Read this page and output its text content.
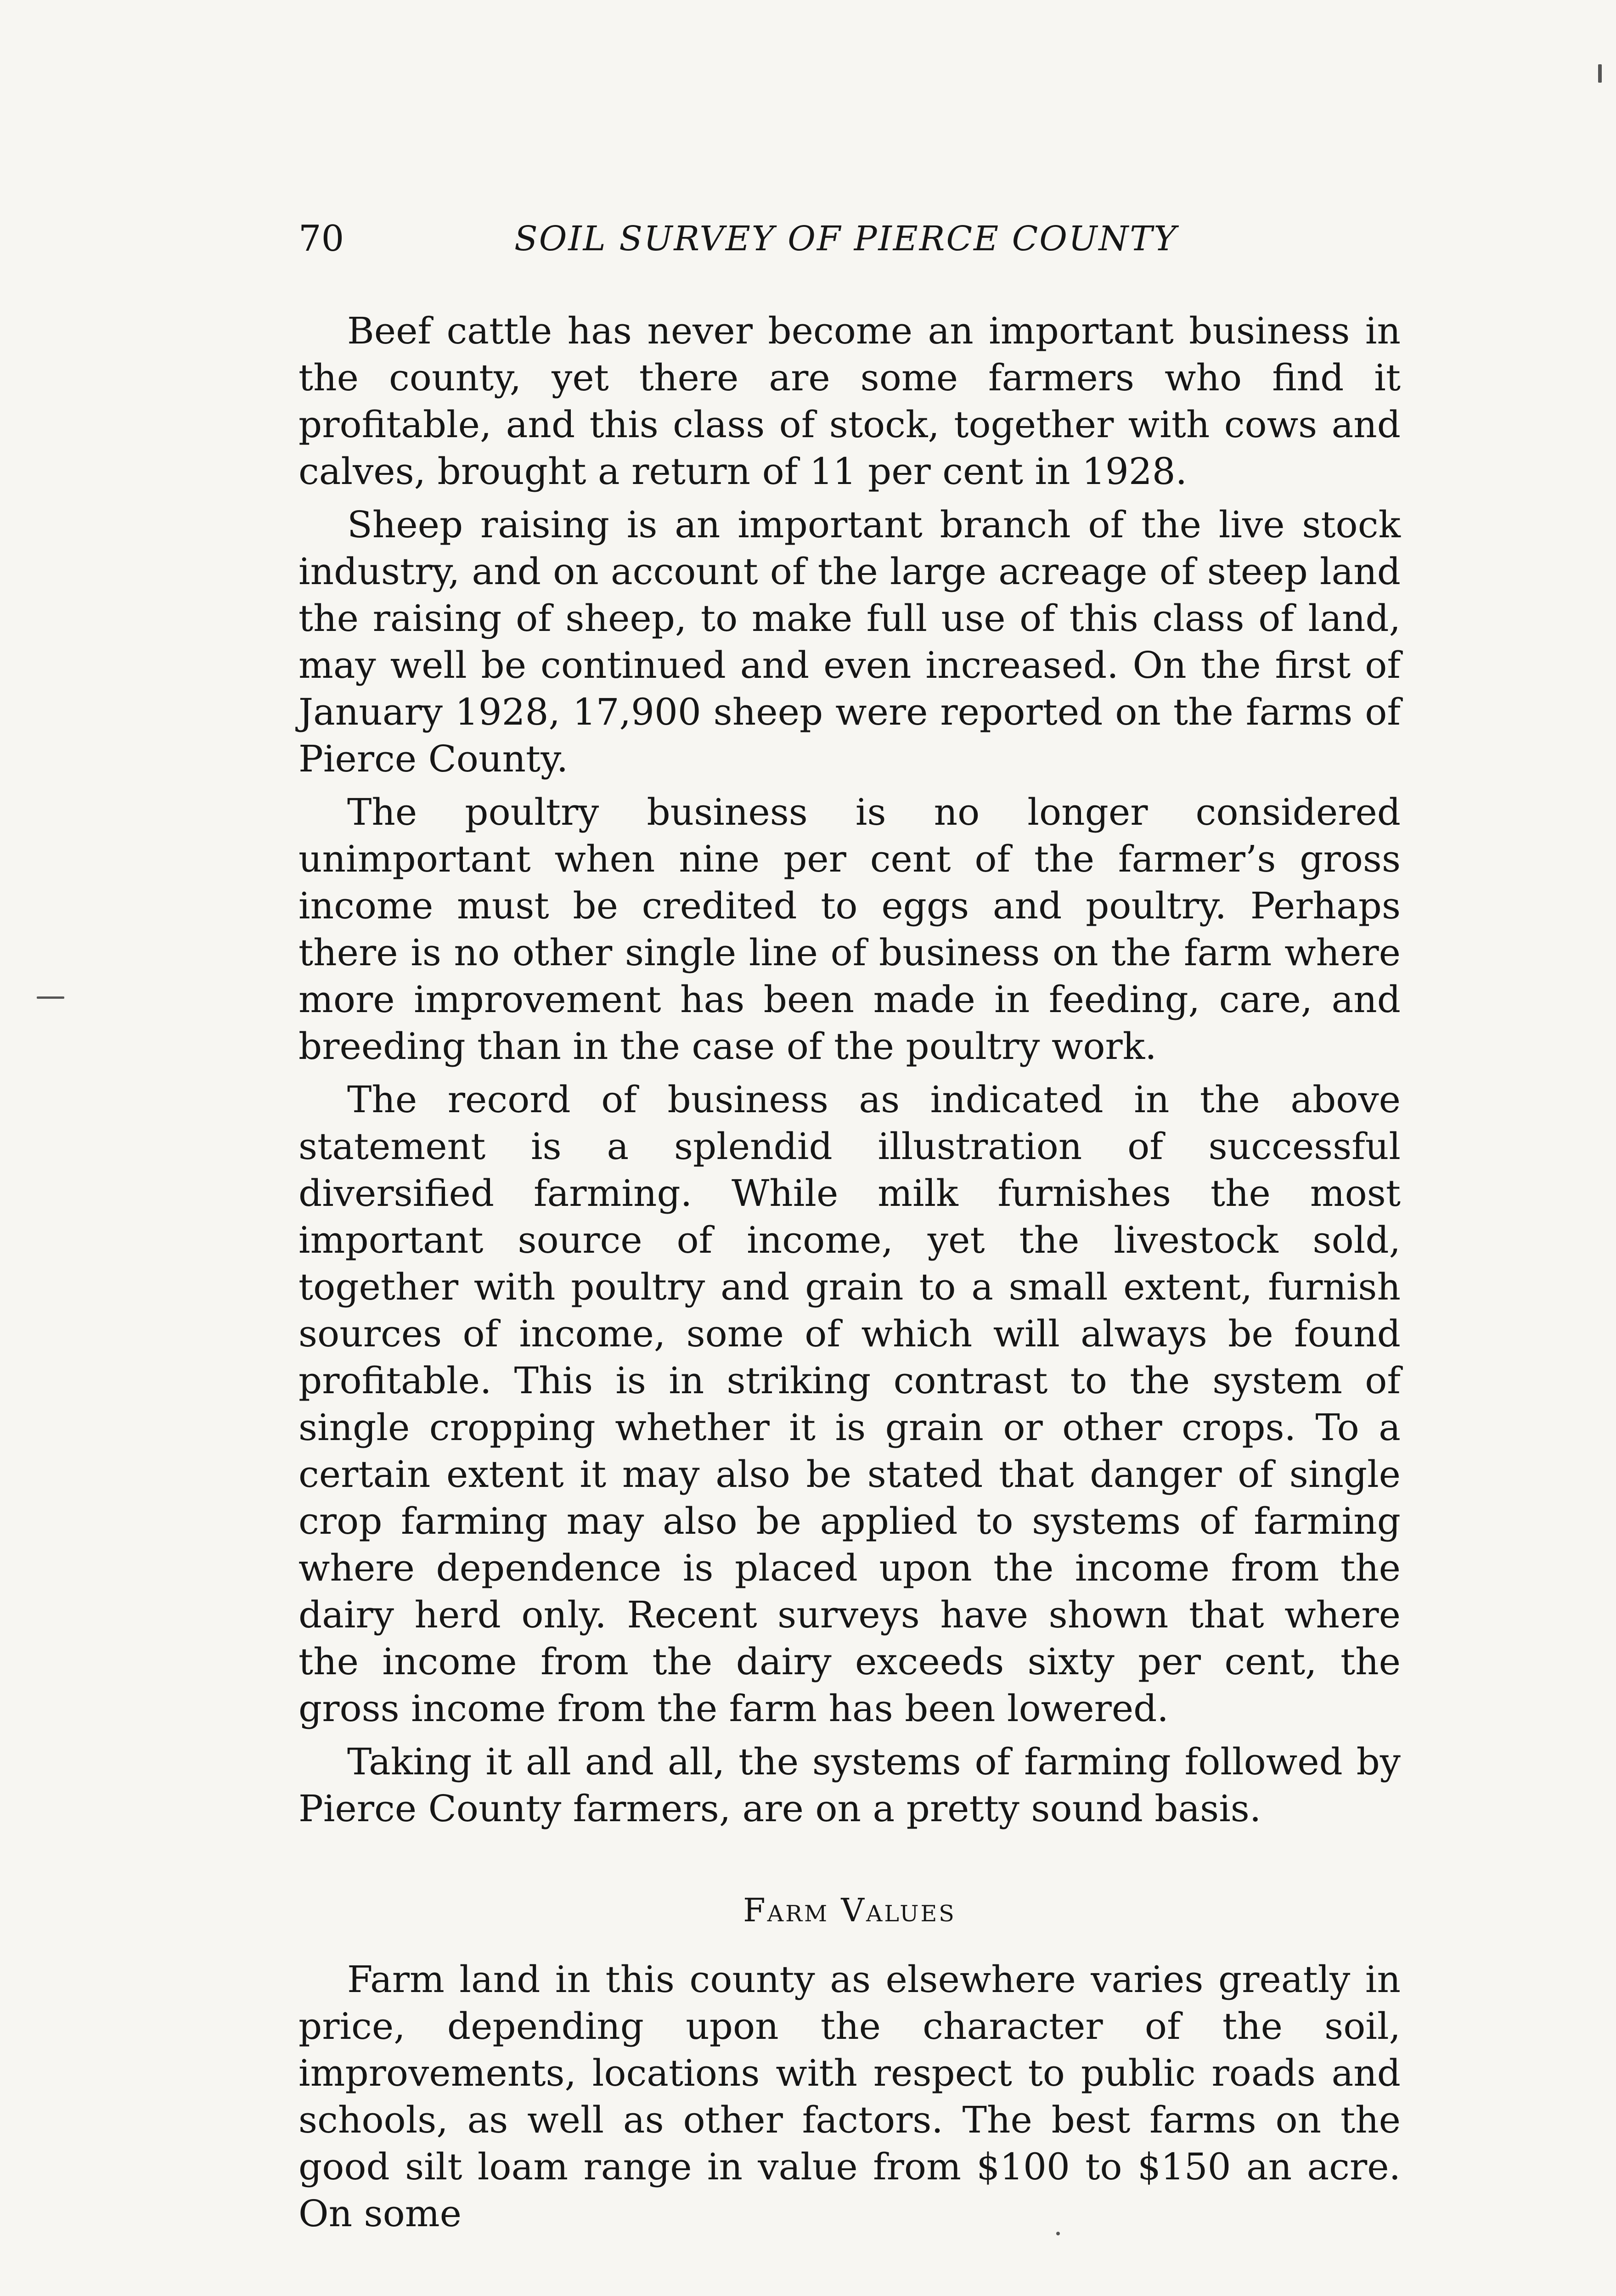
70	SOIL SURVEY OF PIERCE COUNTY

Beef cattle has never become an important business in the county, yet there are some farmers who find it profitable, and this class of stock, together with cows and calves, brought a return of 11 per cent in 1928.

Sheep raising is an important branch of the live stock industry, and on account of the large acreage of steep land the raising of sheep, to make full use of this class of land, may well be continued and even increased. On the first of January 1928, 17,900 sheep were reported on the farms of Pierce County.

The poultry business is no longer considered unimportant when nine per cent of the farmer’s gross income must be credited to eggs and poultry. Perhaps there is no other single line of business on the farm where more improvement has been made in feeding, care, and breeding than in the case of the poultry work.

The record of business as indicated in the above statement is a splendid illustration of successful diversified farming. While milk furnishes the most important source of income, yet the livestock sold, together with poultry and grain to a small extent, furnish sources of income, some of which will always be found profitable. This is in striking contrast to the system of single cropping whether it is grain or other crops. To a certain extent it may also be stated that danger of single crop farming may also be applied to systems of farming where dependence is placed upon the income from the dairy herd only. Recent surveys have shown that where the income from the dairy exceeds sixty per cent, the gross income from the farm has been lowered.

Taking it all and all, the systems of farming followed by Pierce County farmers, are on a pretty sound basis.

Farm Values

Farm land in this county as elsewhere varies greatly in price, depending upon the character of the soil, improvements, locations with respect to public roads and schools, as well as other factors. The best farms on the good silt loam range in value from $100 to $150 an acre. On some
